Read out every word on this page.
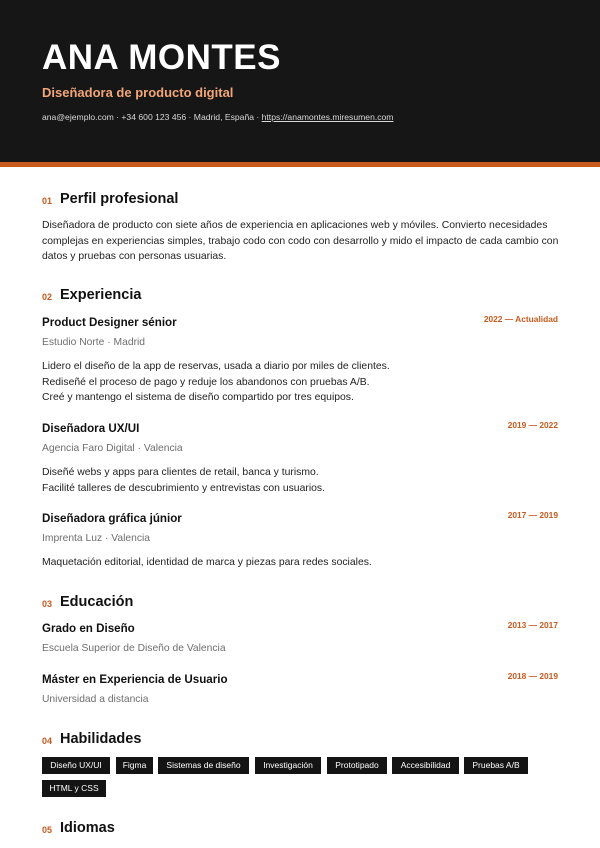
ANA MONTES
Diseñadora de producto digital
ana@ejemplo.com · +34 600 123 456 · Madrid, España · https://anamontes.miresumen.com
01 Perfil profesional
Diseñadora de producto con siete años de experiencia en aplicaciones web y móviles. Convierto necesidades complejas en experiencias simples, trabajo codo con codo con desarrollo y mido el impacto de cada cambio con datos y pruebas con personas usuarias.
02 Experiencia
Product Designer sénior	2022 — Actualidad
Estudio Norte · Madrid
Lidero el diseño de la app de reservas, usada a diario por miles de clientes.
Rediseñé el proceso de pago y reduje los abandonos con pruebas A/B.
Creé y mantengo el sistema de diseño compartido por tres equipos.
Diseñadora UX/UI	2019 — 2022
Agencia Faro Digital · Valencia
Diseñé webs y apps para clientes de retail, banca y turismo.
Facilité talleres de descubrimiento y entrevistas con usuarios.
Diseñadora gráfica júnior	2017 — 2019
Imprenta Luz · Valencia
Maquetación editorial, identidad de marca y piezas para redes sociales.
03 Educación
Grado en Diseño	2013 — 2017
Escuela Superior de Diseño de Valencia
Máster en Experiencia de Usuario	2018 — 2019
Universidad a distancia
04 Habilidades
Diseño UX/UI	Figma	Sistemas de diseño	Investigación	Prototipado	Accesibilidad	Pruebas A/B
HTML y CSS
05 Idiomas
